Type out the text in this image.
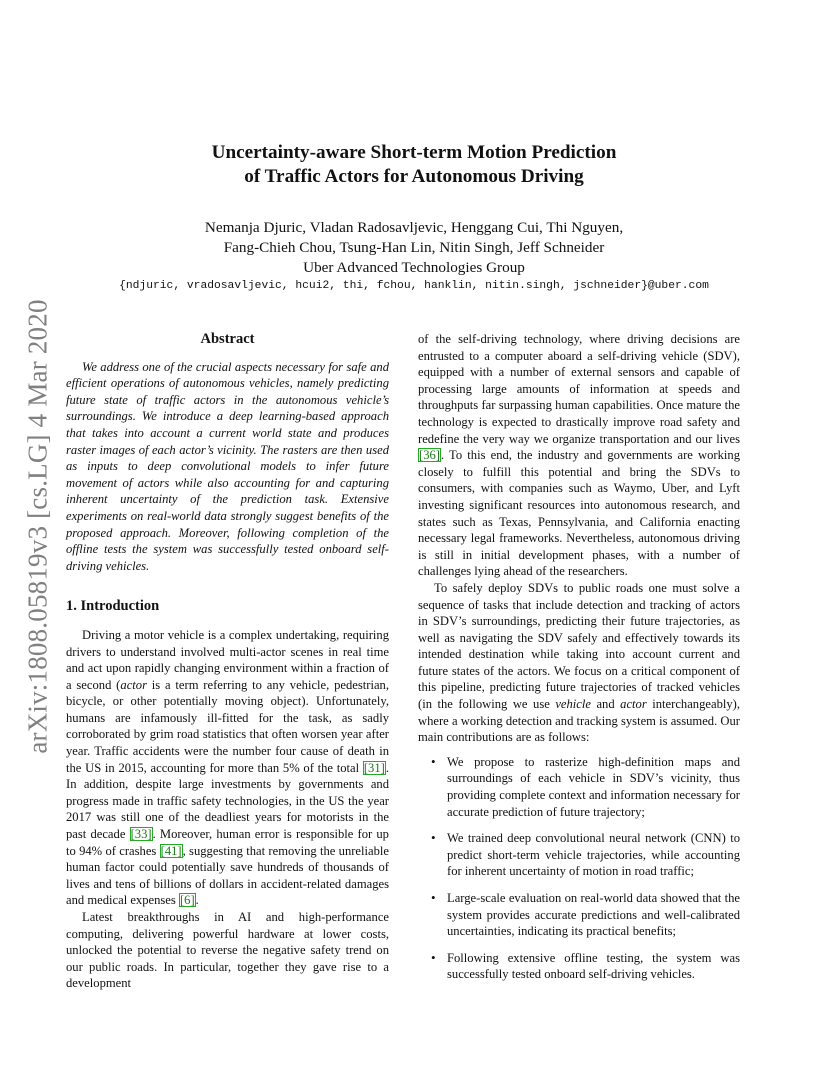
arXiv:1808.05819v3 [cs.LG] 4 Mar 2020
Uncertainty-aware Short-term Motion Prediction
of Traffic Actors for Autonomous Driving
Nemanja Djuric, Vladan Radosavljevic, Henggang Cui, Thi Nguyen,
Fang-Chieh Chou, Tsung-Han Lin, Nitin Singh, Jeff Schneider
Uber Advanced Technologies Group
{ndjuric, vradosavljevic, hcui2, thi, fchou, hanklin, nitin.singh, jschneider}@uber.com
Abstract

We address one of the crucial aspects necessary for safe and efficient operations of autonomous vehicles, namely predicting future state of traffic actors in the autonomous vehicle’s surroundings. We introduce a deep learning-based approach that takes into account a current world state and produces raster images of each actor’s vicinity. The rasters are then used as inputs to deep convolutional models to infer future movement of actors while also accounting for and capturing inherent uncertainty of the prediction task. Extensive experiments on real-world data strongly suggest benefits of the proposed approach. Moreover, following completion of the offline tests the system was successfully tested onboard self-driving vehicles.

1. Introduction

Driving a motor vehicle is a complex undertaking, requiring drivers to understand involved multi-actor scenes in real time and act upon rapidly changing environment within a fraction of a second (actor is a term referring to any vehicle, pedestrian, bicycle, or other potentially moving object). Unfortunately, humans are infamously ill-fitted for the task, as sadly corroborated by grim road statistics that often worsen year after year. Traffic accidents were the number four cause of death in the US in 2015, accounting for more than 5% of the total [31]. In addition, despite large investments by governments and progress made in traffic safety technologies, in the US the year 2017 was still one of the deadliest years for motorists in the past decade [33]. Moreover, human error is responsible for up to 94% of crashes [41], suggesting that removing the unreliable human factor could potentially save hundreds of thousands of lives and tens of billions of dollars in accident-related damages and medical expenses [6].

Latest breakthroughs in AI and high-performance computing, delivering powerful hardware at lower costs, unlocked the potential to reverse the negative safety trend on our public roads. In particular, together they gave rise to a development

of the self-driving technology, where driving decisions are entrusted to a computer aboard a self-driving vehicle (SDV), equipped with a number of external sensors and capable of processing large amounts of information at speeds and throughputs far surpassing human capabilities. Once mature the technology is expected to drastically improve road safety and redefine the very way we organize transportation and our lives [36]. To this end, the industry and governments are working closely to fulfill this potential and bring the SDVs to consumers, with companies such as Waymo, Uber, and Lyft investing significant resources into autonomous research, and states such as Texas, Pennsylvania, and California enacting necessary legal frameworks. Nevertheless, autonomous driving is still in initial development phases, with a number of challenges lying ahead of the researchers.

To safely deploy SDVs to public roads one must solve a sequence of tasks that include detection and tracking of actors in SDV’s surroundings, predicting their future trajectories, as well as navigating the SDV safely and effectively towards its intended destination while taking into account current and future states of the actors. We focus on a critical component of this pipeline, predicting future trajectories of tracked vehicles (in the following we use vehicle and actor interchangeably), where a working detection and tracking system is assumed. Our main contributions are as follows:

• We propose to rasterize high-definition maps and surroundings of each vehicle in SDV’s vicinity, thus providing complete context and information necessary for accurate prediction of future trajectory;
• We trained deep convolutional neural network (CNN) to predict short-term vehicle trajectories, while accounting for inherent uncertainty of motion in road traffic;
• Large-scale evaluation on real-world data showed that the system provides accurate predictions and well-calibrated uncertainties, indicating its practical benefits;
• Following extensive offline testing, the system was successfully tested onboard self-driving vehicles.
